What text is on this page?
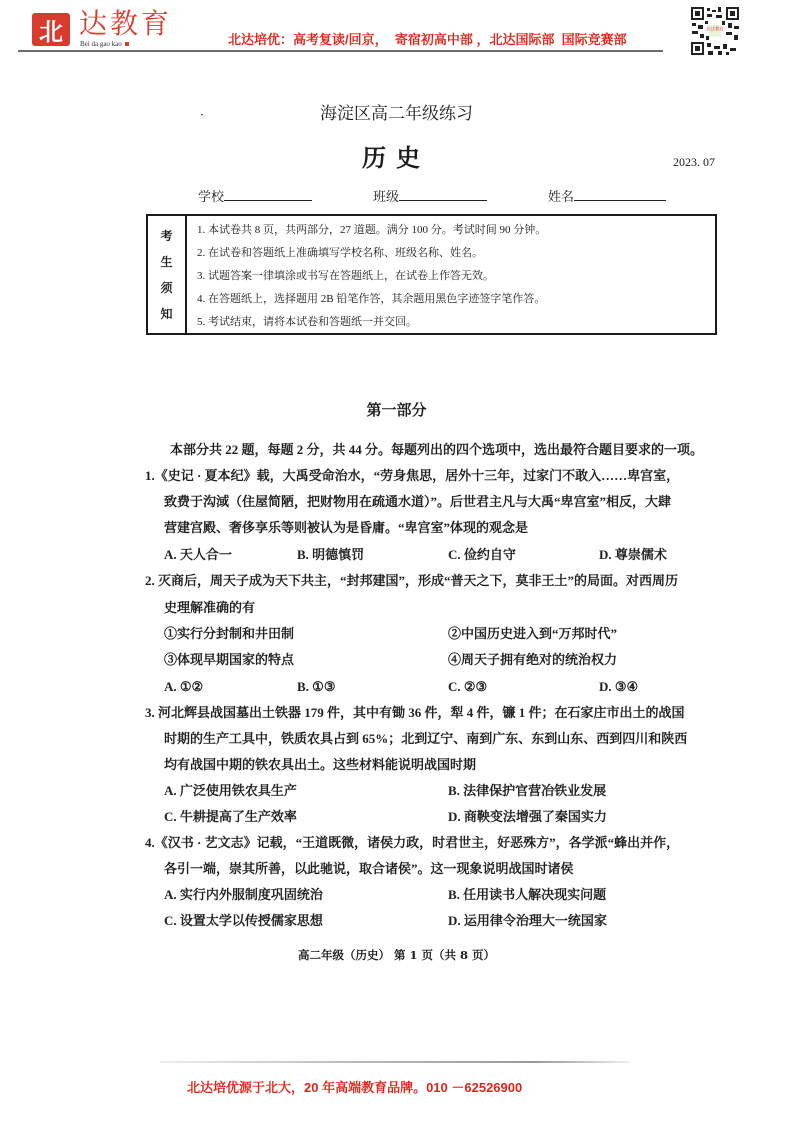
北 达教育
Bei da gao kao	北达培优：高考复读/回京，  寄宿初高中部 ，北达国际部  国际竞赛部
北达教育
·	海淀区高二年级练习
历史	2023. 07
学校	班级	姓名
考
生
须
知
1. 本试卷共 8 页，共两部分，27 道题。满分 100 分。考试时间 90 分钟。
2. 在试卷和答题纸上准确填写学校名称、班级名称、姓名。
3. 试题答案一律填涂或书写在答题纸上，在试卷上作答无效。
4. 在答题纸上，选择题用 2B 铅笔作答，其余题用黑色字迹签字笔作答。
5. 考试结束，请将本试卷和答题纸一并交回。
第一部分
本部分共 22 题，每题 2 分，共 44 分。每题列出的四个选项中，选出最符合题目要求的一项。
1.《史记 · 夏本纪》载，大禹受命治水，“劳身焦思，居外十三年，过家门不敢入……卑宫室，
致费于沟淢（住屋简陋，把财物用在疏通水道）”。后世君主凡与大禹“卑宫室”相反，大肆
营建宫殿、奢侈享乐等则被认为是昏庸。“卑宫室”体现的观念是
A. 天人合一	B. 明德慎罚	C. 俭约自守	D. 尊崇儒术
2. 灭商后，周天子成为天下共主，“封邦建国”，形成“普天之下，莫非王土”的局面。对西周历
史理解准确的有
①实行分封制和井田制	②中国历史进入到“万邦时代”
③体现早期国家的特点	④周天子拥有绝对的统治权力
A. ①②	B. ①③	C. ②③	D. ③④
3. 河北辉县战国墓出土铁器 179 件，其中有锄 36 件，犁 4 件，镰 1 件；在石家庄市出土的战国
时期的生产工具中，铁质农具占到 65%；北到辽宁、南到广东、东到山东、西到四川和陕西
均有战国中期的铁农具出土。这些材料能说明战国时期
A. 广泛使用铁农具生产	B. 法律保护官营冶铁业发展
C. 牛耕提高了生产效率	D. 商鞅变法增强了秦国实力
4.《汉书 · 艺文志》记载，“王道既微，诸侯力政，时君世主，好恶殊方”，各学派“蜂出并作，
各引一端，崇其所善，以此驰说，取合诸侯”。这一现象说明战国时诸侯
A. 实行内外服制度巩固统治	B. 任用读书人解决现实问题
C. 设置太学以传授儒家思想	D. 运用律令治理大一统国家
高二年级（历史） 第 1 页（共 8 页）
北达培优源于北大，20 年高端教育品牌。010 －62526900
